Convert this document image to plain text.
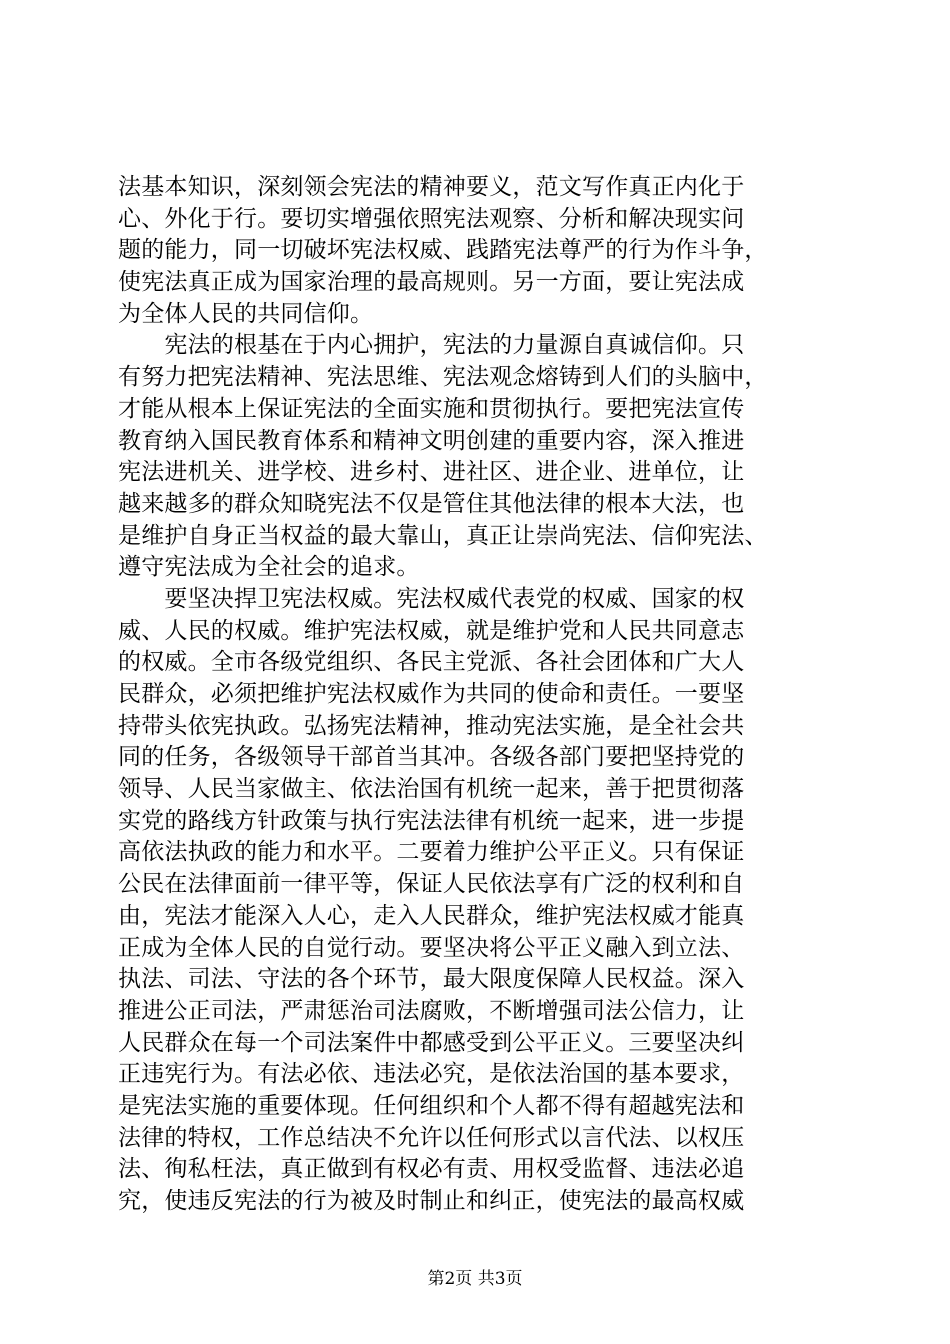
法基本知识，深刻领会宪法的精神要义，范文写作真正内化于
心、外化于行。要切实增强依照宪法观察、分析和解决现实问
题的能力，同一切破坏宪法权威、践踏宪法尊严的行为作斗争，
使宪法真正成为国家治理的最高规则。另一方面，要让宪法成
为全体人民的共同信仰。
　　宪法的根基在于内心拥护，宪法的力量源自真诚信仰。只
有努力把宪法精神、宪法思维、宪法观念熔铸到人们的头脑中，
才能从根本上保证宪法的全面实施和贯彻执行。要把宪法宣传
教育纳入国民教育体系和精神文明创建的重要内容，深入推进
宪法进机关、进学校、进乡村、进社区、进企业、进单位，让
越来越多的群众知晓宪法不仅是管住其他法律的根本大法，也
是维护自身正当权益的最大靠山，真正让崇尚宪法、信仰宪法、
遵守宪法成为全社会的追求。
　　要坚决捍卫宪法权威。宪法权威代表党的权威、国家的权
威、人民的权威。维护宪法权威，就是维护党和人民共同意志
的权威。全市各级党组织、各民主党派、各社会团体和广大人
民群众，必须把维护宪法权威作为共同的使命和责任。一要坚
持带头依宪执政。弘扬宪法精神，推动宪法实施，是全社会共
同的任务，各级领导干部首当其冲。各级各部门要把坚持党的
领导、人民当家做主、依法治国有机统一起来，善于把贯彻落
实党的路线方针政策与执行宪法法律有机统一起来，进一步提
高依法执政的能力和水平。二要着力维护公平正义。只有保证
公民在法律面前一律平等，保证人民依法享有广泛的权利和自
由，宪法才能深入人心，走入人民群众，维护宪法权威才能真
正成为全体人民的自觉行动。要坚决将公平正义融入到立法、
执法、司法、守法的各个环节，最大限度保障人民权益。深入
推进公正司法，严肃惩治司法腐败，不断增强司法公信力，让
人民群众在每一个司法案件中都感受到公平正义。三要坚决纠
正违宪行为。有法必依、违法必究，是依法治国的基本要求，
是宪法实施的重要体现。任何组织和个人都不得有超越宪法和
法律的特权，工作总结决不允许以任何形式以言代法、以权压
法、徇私枉法，真正做到有权必有责、用权受监督、违法必追
究，使违反宪法的行为被及时制止和纠正，使宪法的最高权威
第2页 共3页
